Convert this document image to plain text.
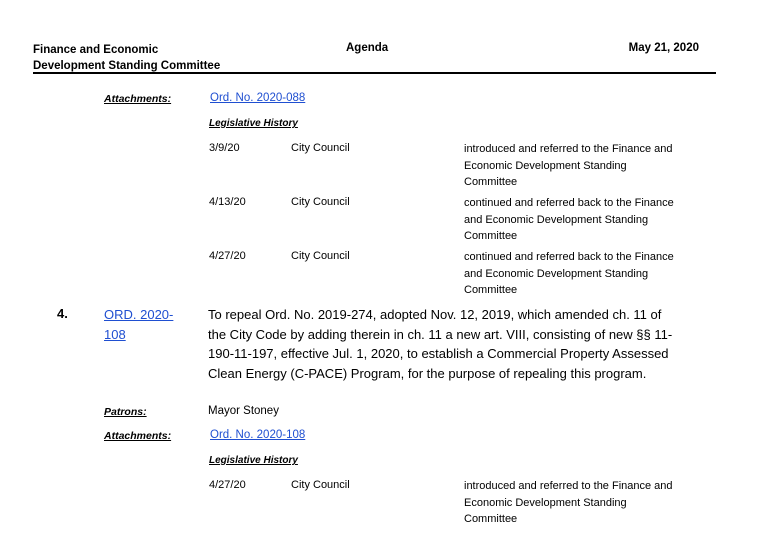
Finance and Economic
Development Standing Committee
Agenda	May 21, 2020
Attachments:	Ord. No. 2020-088
Legislative History
3/9/20	City Council	introduced and referred to the Finance and Economic Development Standing Committee
4/13/20	City Council	continued and referred back to the Finance and Economic Development Standing Committee
4/27/20	City Council	continued and referred back to the Finance and Economic Development Standing Committee
4.	ORD. 2020-108
To repeal Ord. No. 2019-274, adopted Nov. 12, 2019, which amended ch. 11 of the City Code by adding therein in ch. 11 a new art. VIII, consisting of new §§ 11-190-11-197, effective Jul. 1, 2020, to establish a Commercial Property Assessed Clean Energy (C-PACE) Program, for the purpose of repealing this program.
Patrons:	Mayor Stoney
Attachments:	Ord. No. 2020-108
Legislative History
4/27/20	City Council	introduced and referred to the Finance and Economic Development Standing Committee
